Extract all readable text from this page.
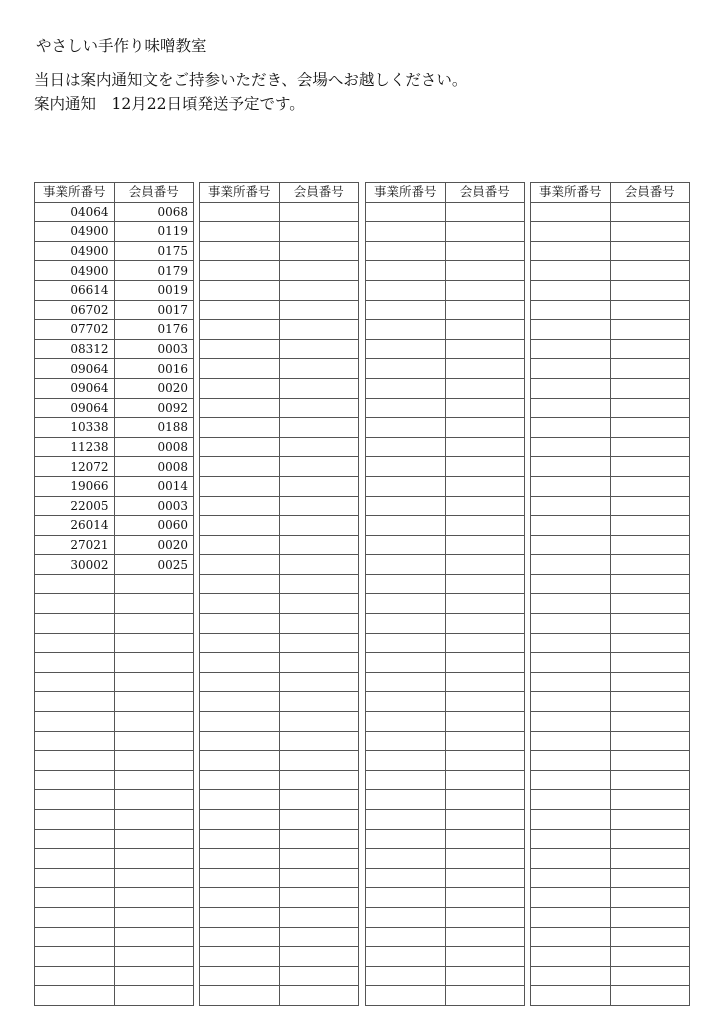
やさしい手作り味噌教室
当日は案内通知文をご持参いただき、会場へお越しください。
案内通知　12月22日頃発送予定です。
事業所番号	会員番号
04064	0068
04900	0119
04900	0175
04900	0179
06614	0019
06702	0017
07702	0176
08312	0003
09064	0016
09064	0020
09064	0092
10338	0188
11238	0008
12072	0008
19066	0014
22005	0003
26014	0060
27021	0020
30002	0025

事業所番号	会員番号

	事業所番号	会員番号

	事業所番号	会員番号
